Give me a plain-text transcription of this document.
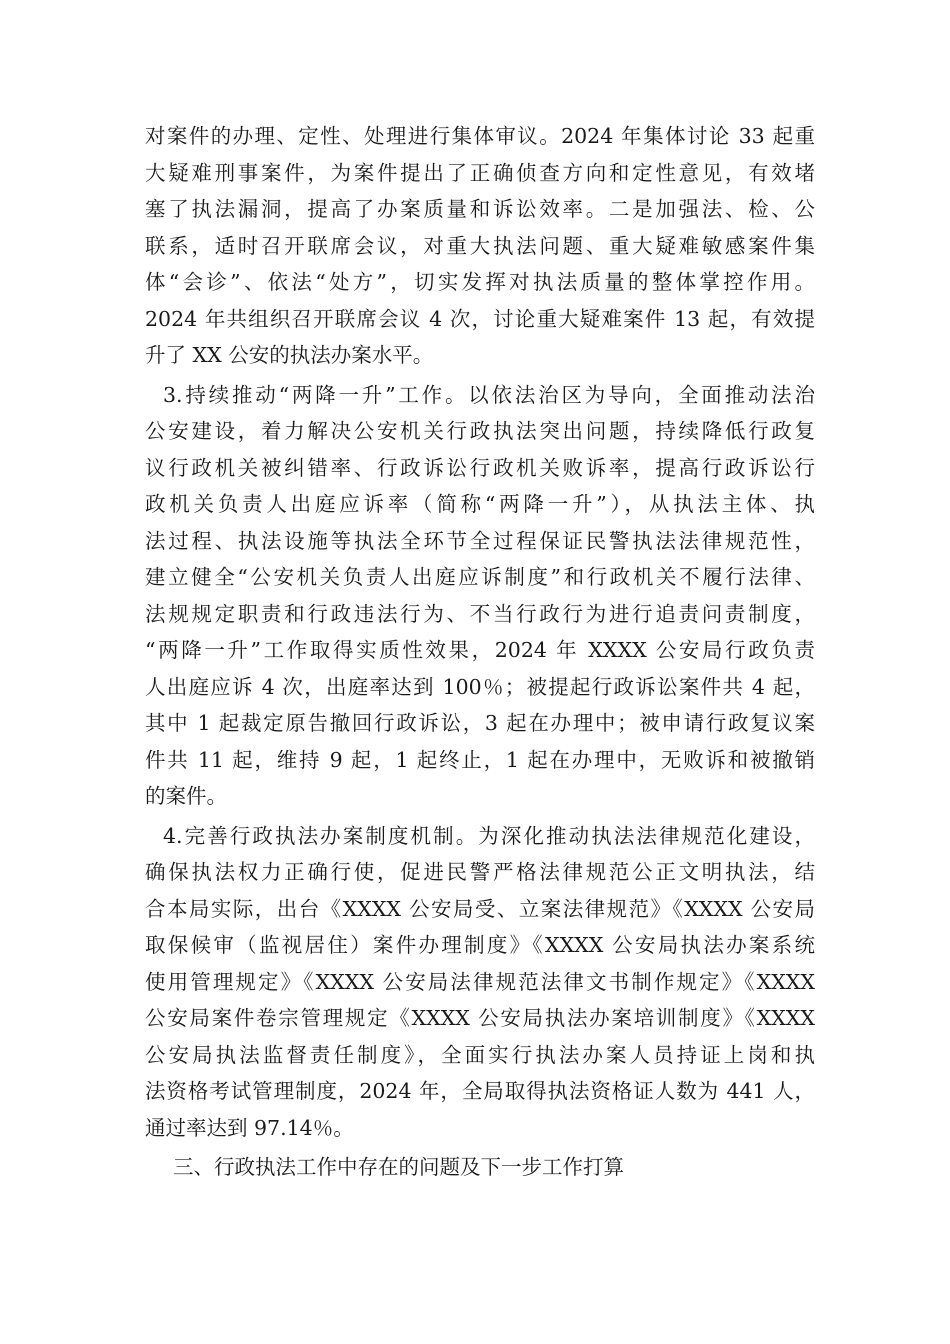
对案件的办理、定性、处理进行集体审议。2024 年集体讨论 33 起重
大疑难刑事案件，为案件提出了正确侦查方向和定性意见，有效堵
塞了执法漏洞，提高了办案质量和诉讼效率。二是加强法、检、公
联系，适时召开联席会议，对重大执法问题、重大疑难敏感案件集
体“会诊”、依法“处方”，切实发挥对执法质量的整体掌控作用。
2024 年共组织召开联席会议 4 次，讨论重大疑难案件 13 起，有效提
升了 XX 公安的执法办案水平。
3.持续推动“两降一升”工作。以依法治区为导向，全面推动法治
公安建设，着力解决公安机关行政执法突出问题，持续降低行政复
议行政机关被纠错率、行政诉讼行政机关败诉率，提高行政诉讼行
政机关负责人出庭应诉率（简称“两降一升”），从执法主体、执
法过程、执法设施等执法全环节全过程保证民警执法法律规范性，
建立健全“公安机关负责人出庭应诉制度”和行政机关不履行法律、
法规规定职责和行政违法行为、不当行政行为进行追责问责制度，
“两降一升”工作取得实质性效果，2024 年 XXXX 公安局行政负责
人出庭应诉 4 次，出庭率达到 100％；被提起行政诉讼案件共 4 起，
其中 1 起裁定原告撤回行政诉讼，3 起在办理中；被申请行政复议案
件共 11 起，维持 9 起，1 起终止，1 起在办理中，无败诉和被撤销
的案件。
4.完善行政执法办案制度机制。为深化推动执法法律规范化建设，
确保执法权力正确行使，促进民警严格法律规范公正文明执法，结
合本局实际，出台《XXXX 公安局受、立案法律规范》《XXXX 公安局
取保候审（监视居住）案件办理制度》《XXXX 公安局执法办案系统
使用管理规定》《XXXX 公安局法律规范法律文书制作规定》《XXXX
公安局案件卷宗管理规定《XXXX 公安局执法办案培训制度》《XXXX
公安局执法监督责任制度》，全面实行执法办案人员持证上岗和执
法资格考试管理制度，2024 年，全局取得执法资格证人数为 441 人，
通过率达到 97.14％。
三、行政执法工作中存在的问题及下一步工作打算
